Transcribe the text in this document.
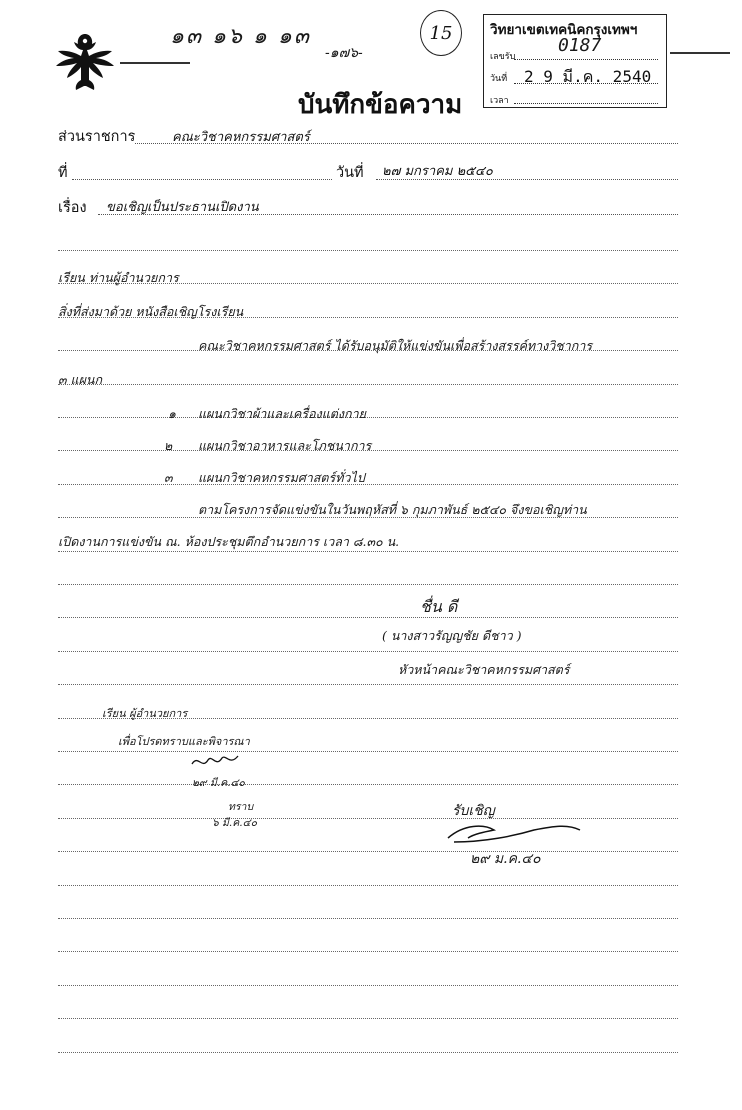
๑๓ ๑๖ ๑ ๑๓
-๑๗๖-
15	วิทยาเขตเทคนิคกรุงเทพฯ
เลขรับ
0187
วันที่ 2 9 มี.ค. 2540
เวลา
บันทึกข้อความ
ส่วนราชการ	คณะวิชาคหกรรมศาสตร์
ที่	วันที่ ๒๗ มกราคม ๒๕๔๐
เรื่อง ขอเชิญเป็นประธานเปิดงาน
เรียน ท่านผู้อำนวยการ
สิ่งที่ส่งมาด้วย หนังสือเชิญโรงเรียน
คณะวิชาคหกรรมศาสตร์ ได้รับอนุมัติให้แข่งขันเพื่อสร้างสรรค์ทางวิชาการ
๓ แผนก
๑ แผนกวิชาผ้าและเครื่องแต่งกาย
๒ แผนกวิชาอาหารและโภชนาการ
๓ แผนกวิชาคหกรรมศาสตร์ทั่วไป
ตามโครงการจัดแข่งขันในวันพฤหัสที่ ๖ กุมภาพันธ์ ๒๕๔๐ จึงขอเชิญท่าน
เปิดงานการแข่งขัน ณ. ห้องประชุมตึกอำนวยการ เวลา ๘.๓๐ น.
ชื่น ดี
( นางสาวรัญญชัย ดีชาว )
หัวหน้าคณะวิชาคหกรรมศาสตร์
เรียน ผู้อำนวยการ
เพื่อโปรดทราบและพิจารณา
๒๙ มี.ค.๔๐
ทราบ
๖ มี.ค.๔๐
รับเชิญ
๒๙ ม.ค.๔๐
